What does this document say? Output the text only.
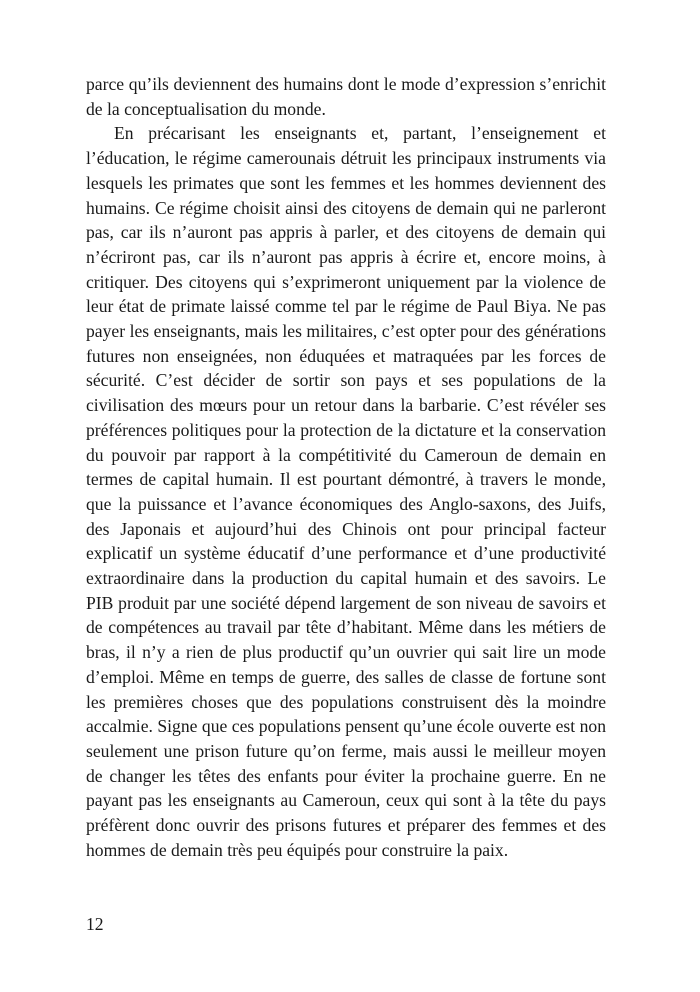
parce qu’ils deviennent des humains dont le mode d’expression s’enrichit de la conceptualisation du monde.

En précarisant les enseignants et, partant, l’enseignement et l’éducation, le régime camerounais détruit les principaux instruments via lesquels les primates que sont les femmes et les hommes deviennent des humains. Ce régime choisit ainsi des citoyens de demain qui ne parleront pas, car ils n’auront pas appris à parler, et des citoyens de demain qui n’écriront pas, car ils n’auront pas appris à écrire et, encore moins, à critiquer. Des citoyens qui s’exprimeront uniquement par la violence de leur état de primate laissé comme tel par le régime de Paul Biya. Ne pas payer les enseignants, mais les militaires, c’est opter pour des générations futures non enseignées, non éduquées et matraquées par les forces de sécurité. C’est décider de sortir son pays et ses populations de la civilisation des mœurs pour un retour dans la barbarie. C’est révéler ses préférences politiques pour la protection de la dictature et la conservation du pouvoir par rapport à la compétitivité du Cameroun de demain en termes de capital humain. Il est pourtant démontré, à travers le monde, que la puissance et l’avance économiques des Anglo-saxons, des Juifs, des Japonais et aujourd’hui des Chinois ont pour principal facteur explicatif un système éducatif d’une performance et d’une productivité extraordinaire dans la production du capital humain et des savoirs. Le PIB produit par une société dépend largement de son niveau de savoirs et de compétences au travail par tête d’habitant. Même dans les métiers de bras, il n’y a rien de plus productif qu’un ouvrier qui sait lire un mode d’emploi. Même en temps de guerre, des salles de classe de fortune sont les premières choses que des populations construisent dès la moindre accalmie. Signe que ces populations pensent qu’une école ouverte est non seulement une prison future qu’on ferme, mais aussi le meilleur moyen de changer les têtes des enfants pour éviter la prochaine guerre. En ne payant pas les enseignants au Cameroun, ceux qui sont à la tête du pays préfèrent donc ouvrir des prisons futures et préparer des femmes et des hommes de demain très peu équipés pour construire la paix.

12
